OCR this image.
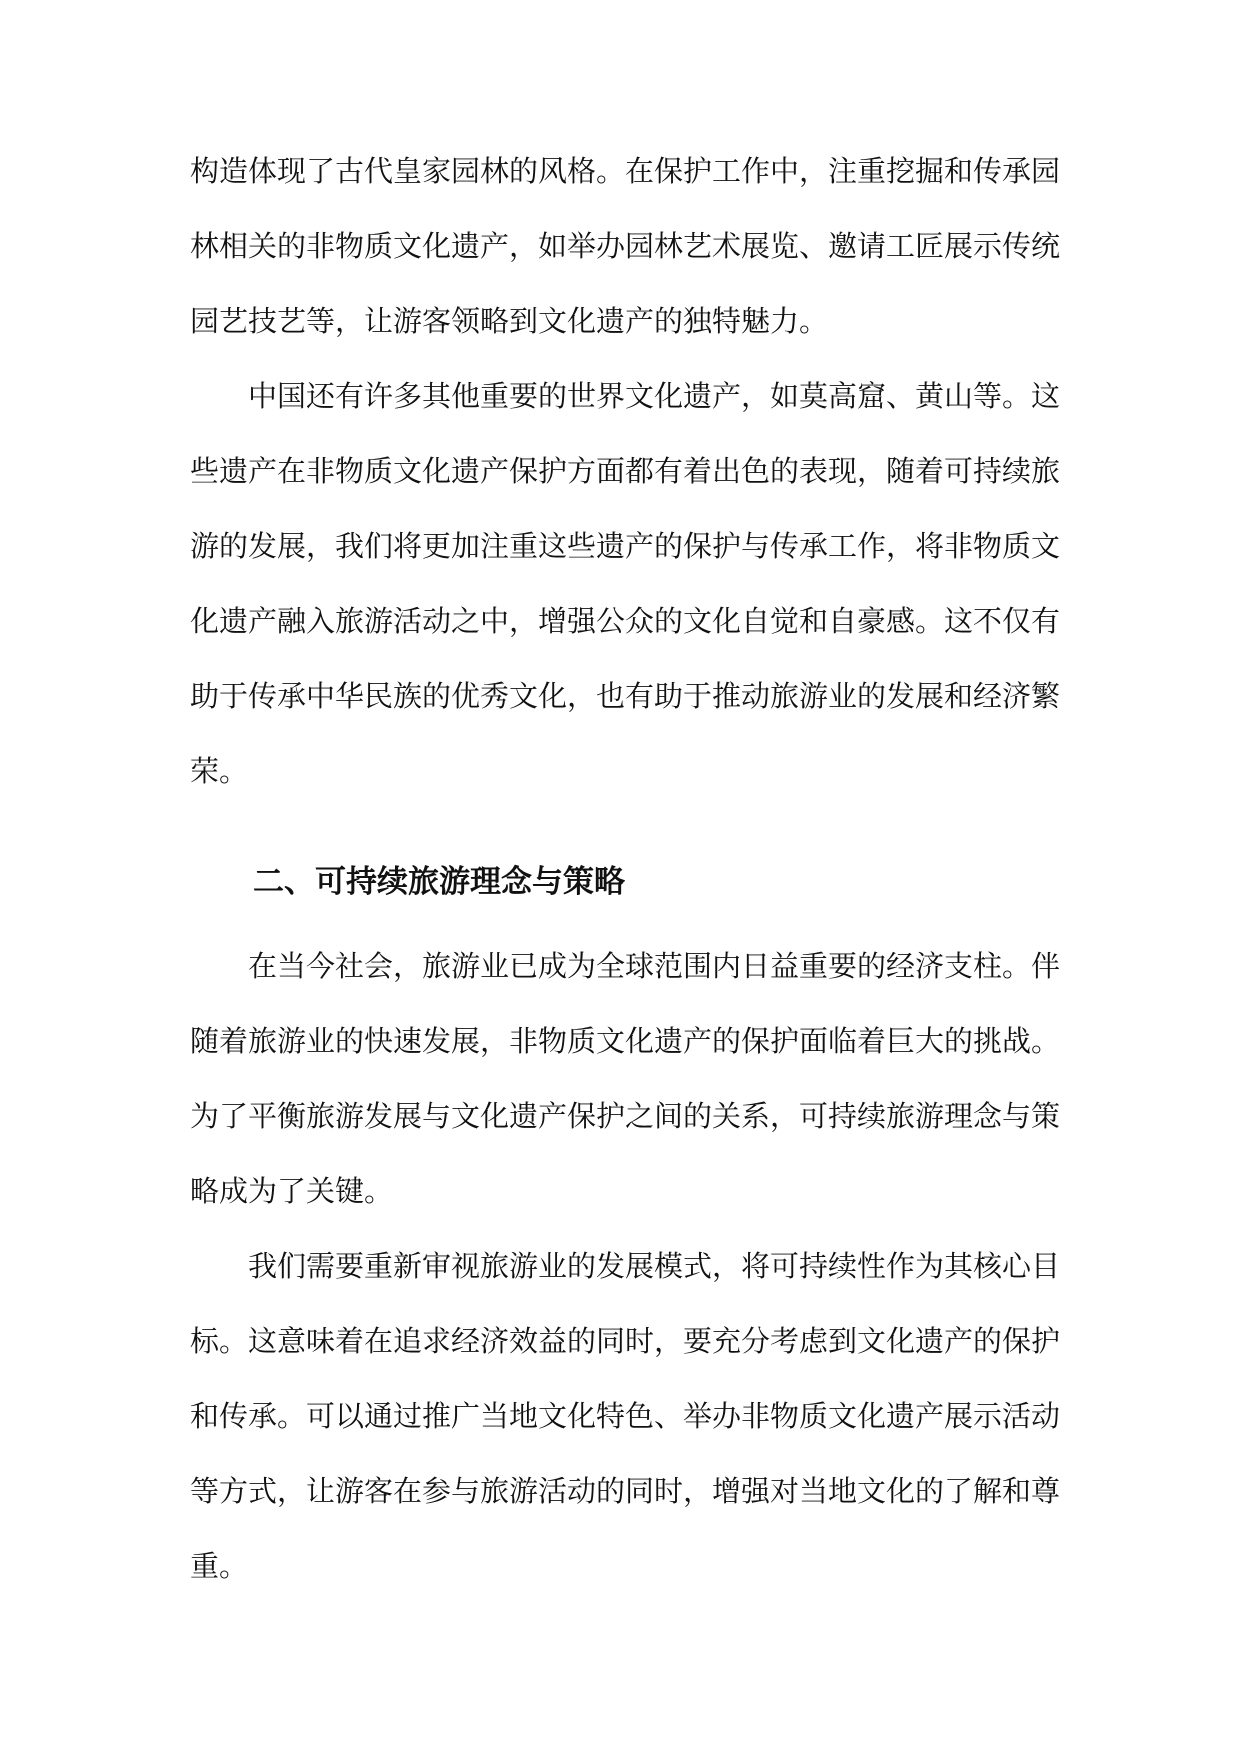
构造体现了古代皇家园林的风格。在保护工作中，注重挖掘和传承园
林相关的非物质文化遗产，如举办园林艺术展览、邀请工匠展示传统
园艺技艺等，让游客领略到文化遗产的独特魅力。
中国还有许多其他重要的世界文化遗产，如莫高窟、黄山等。这
些遗产在非物质文化遗产保护方面都有着出色的表现，随着可持续旅
游的发展，我们将更加注重这些遗产的保护与传承工作，将非物质文
化遗产融入旅游活动之中，增强公众的文化自觉和自豪感。这不仅有
助于传承中华民族的优秀文化，也有助于推动旅游业的发展和经济繁
荣。
二、可持续旅游理念与策略
在当今社会，旅游业已成为全球范围内日益重要的经济支柱。伴
随着旅游业的快速发展，非物质文化遗产的保护面临着巨大的挑战。
为了平衡旅游发展与文化遗产保护之间的关系，可持续旅游理念与策
略成为了关键。
我们需要重新审视旅游业的发展模式，将可持续性作为其核心目
标。这意味着在追求经济效益的同时，要充分考虑到文化遗产的保护
和传承。可以通过推广当地文化特色、举办非物质文化遗产展示活动
等方式，让游客在参与旅游活动的同时，增强对当地文化的了解和尊
重。
